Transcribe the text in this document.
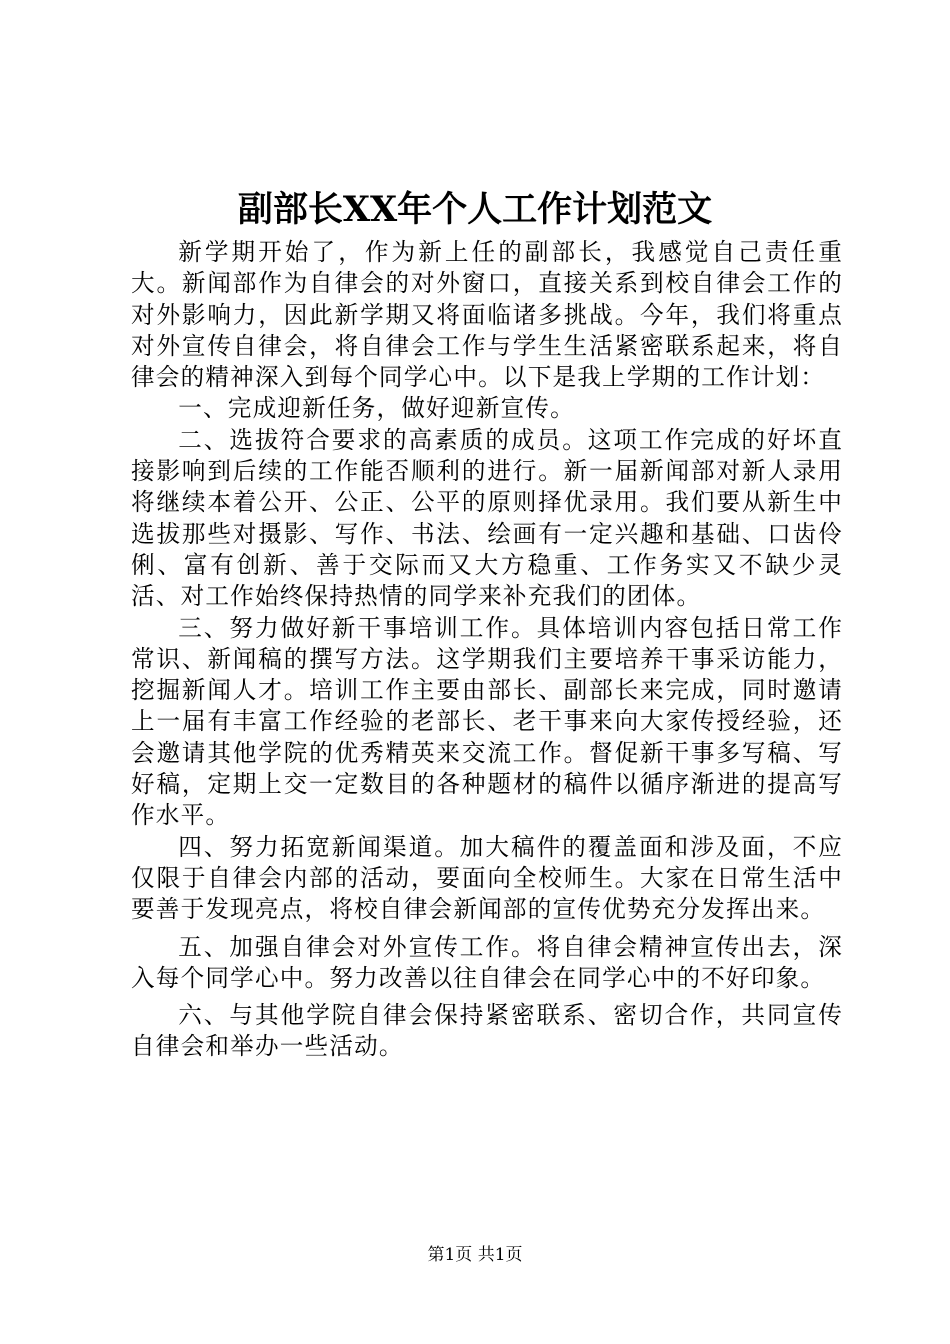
副部长XX年个人工作计划范文

新学期开始了，作为新上任的副部长，我感觉自己责任重大。新闻部作为自律会的对外窗口，直接关系到校自律会工作的对外影响力，因此新学期又将面临诸多挑战。今年，我们将重点对外宣传自律会，将自律会工作与学生生活紧密联系起来，将自律会的精神深入到每个同学心中。以下是我上学期的工作计划：

一、完成迎新任务，做好迎新宣传。

二、选拔符合要求的高素质的成员。这项工作完成的好坏直接影响到后续的工作能否顺利的进行。新一届新闻部对新人录用将继续本着公开、公正、公平的原则择优录用。我们要从新生中选拔那些对摄影、写作、书法、绘画有一定兴趣和基础、口齿伶俐、富有创新、善于交际而又大方稳重、工作务实又不缺少灵活、对工作始终保持热情的同学来补充我们的团体。

三、努力做好新干事培训工作。具体培训内容包括日常工作常识、新闻稿的撰写方法。这学期我们主要培养干事采访能力，挖掘新闻人才。培训工作主要由部长、副部长来完成，同时邀请上一届有丰富工作经验的老部长、老干事来向大家传授经验，还会邀请其他学院的优秀精英来交流工作。督促新干事多写稿、写好稿，定期上交一定数目的各种题材的稿件以循序渐进的提高写作水平。

四、努力拓宽新闻渠道。加大稿件的覆盖面和涉及面，不应仅限于自律会内部的活动，要面向全校师生。大家在日常生活中要善于发现亮点，将校自律会新闻部的宣传优势充分发挥出来。

五、加强自律会对外宣传工作。将自律会精神宣传出去，深入每个同学心中。努力改善以往自律会在同学心中的不好印象。

六、与其他学院自律会保持紧密联系、密切合作，共同宣传自律会和举办一些活动。

第1页 共1页
